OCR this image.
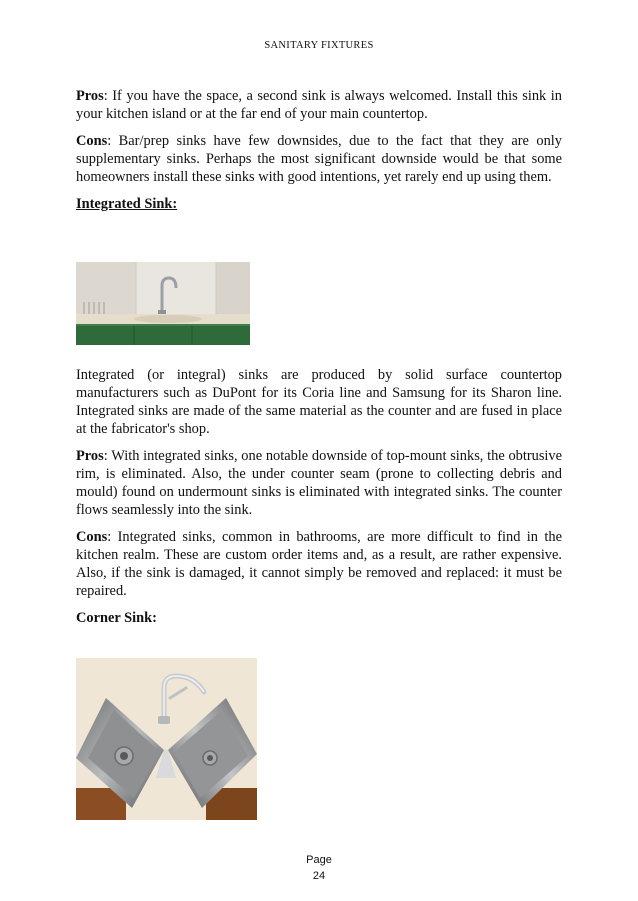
SANITARY FIXTURES

Pros: If you have the space, a second sink is always welcomed. Install this sink in your kitchen island or at the far end of your main countertop.

Cons: Bar/prep sinks have few downsides, due to the fact that they are only supplementary sinks. Perhaps the most significant downside would be that some homeowners install these sinks with good intentions, yet rarely end up using them.

Integrated Sink:

Integrated (or integral) sinks are produced by solid surface countertop manufacturers such as DuPont for its Coria line and Samsung for its Sharon line. Integrated sinks are made of the same material as the counter and are fused in place at the fabricator's shop.

Pros: With integrated sinks, one notable downside of top-mount sinks, the obtrusive rim, is eliminated. Also, the under counter seam (prone to collecting debris and mould) found on undermount sinks is eliminated with integrated sinks. The counter flows seamlessly into the sink.

Cons: Integrated sinks, common in bathrooms, are more difficult to find in the kitchen realm. These are custom order items and, as a result, are rather expensive. Also, if the sink is damaged, it cannot simply be removed and replaced: it must be repaired.

Corner Sink:

Page
24
